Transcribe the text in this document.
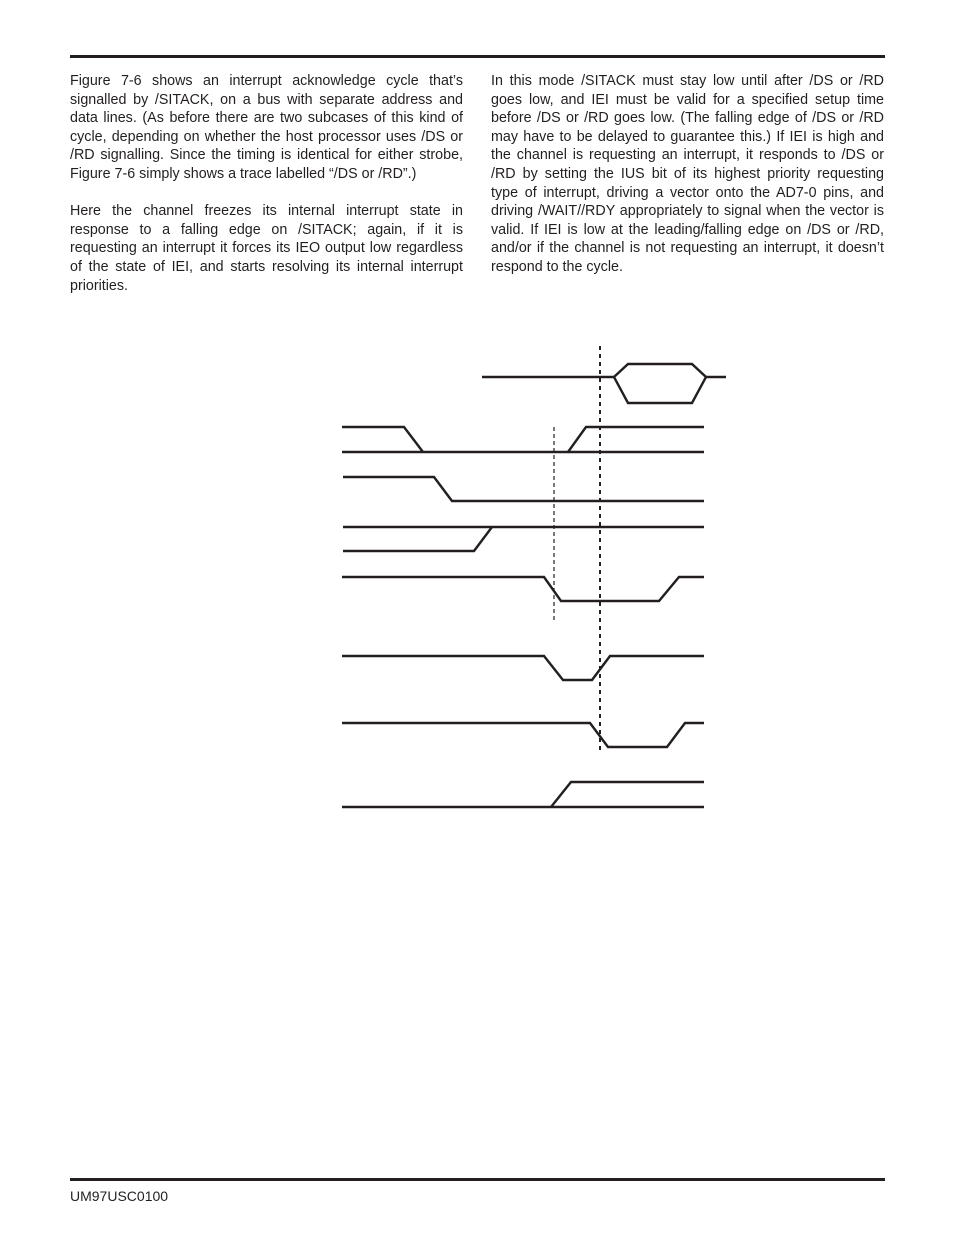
Figure 7-6 shows an interrupt acknowledge cycle that’s signalled by /SITACK, on a bus with separate address and data lines. (As before there are two subcases of this kind of cycle, depending on whether the host processor uses /DS or /RD signalling. Since the timing is identical for either strobe, Figure 7-6 simply shows a trace labelled “/DS or /RD”.)

Here the channel freezes its internal interrupt state in response to a falling edge on /SITACK; again, if it is requesting an interrupt it forces its IEO output low regardless of the state of IEI, and starts resolving its internal interrupt priorities.

In this mode /SITACK must stay low until after /DS or /RD goes low, and IEI must be valid for a specified setup time before /DS or /RD goes low. (The falling edge of /DS or /RD may have to be delayed to guarantee this.) If IEI is high and the channel is requesting an interrupt, it responds to /DS or /RD by setting the IUS bit of its highest priority requesting type of interrupt, driving a vector onto the AD7-0 pins, and driving /WAIT//RDY appropriately to signal when the vector is valid. If IEI is low at the leading/falling edge on /DS or /RD, and/or if the channel is not requesting an interrupt, it doesn’t respond to the cycle.

UM97USC0100
